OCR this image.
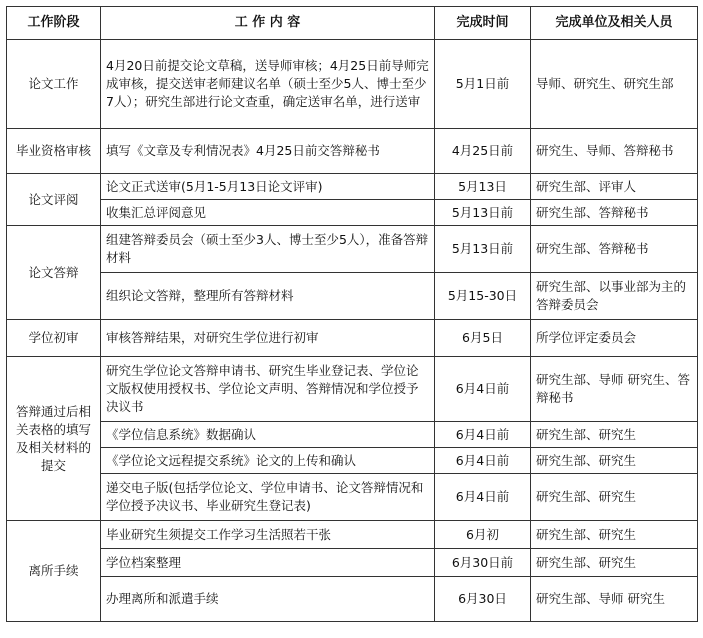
工作阶段	工 作 内 容	完成时间	完成单位及相关人员
论文工作	4月20日前提交论文草稿，送导师审核；4月25日前导师完成审核，提交送审老师建议名单（硕士至少5人、博士至少7人）；研究生部进行论文查重，确定送审名单，进行送审	5月1日前	导师、研究生、研究生部
毕业资格审核	填写《文章及专利情况表》4月25日前交答辩秘书	4月25日前	研究生、导师、答辩秘书
论文评阅	论文正式送审(5月1-5月13日论文评审)	5月13日	研究生部、评审人
	收集汇总评阅意见	5月13日前	研究生部、答辩秘书
论文答辩	组建答辩委员会（硕士至少3人、博士至少5人），准备答辩材料	5月13日前	研究生部、答辩秘书
	组织论文答辩，整理所有答辩材料	5月15-30日	研究生部、以事业部为主的答辩委员会
学位初审	审核答辩结果，对研究生学位进行初审	6月5日	所学位评定委员会
答辩通过后相关表格的填写及相关材料的提交	研究生学位论文答辩申请书、研究生毕业登记表、学位论文版权使用授权书、学位论文声明、答辩情况和学位授予决议书	6月4日前	研究生部、导师 研究生、答辩秘书
	《学位信息系统》数据确认	6月4日前	研究生部、研究生
	《学位论文远程提交系统》论文的上传和确认	6月4日前	研究生部、研究生
	递交电子版(包括学位论文、学位申请书、论文答辩情况和学位授予决议书、毕业研究生登记表)	6月4日前	研究生部、研究生
离所手续	毕业研究生须提交工作学习生活照若干张	6月初	研究生部、研究生
	学位档案整理	6月30日前	研究生部、研究生
	办理离所和派遣手续	6月30日	研究生部、导师 研究生
